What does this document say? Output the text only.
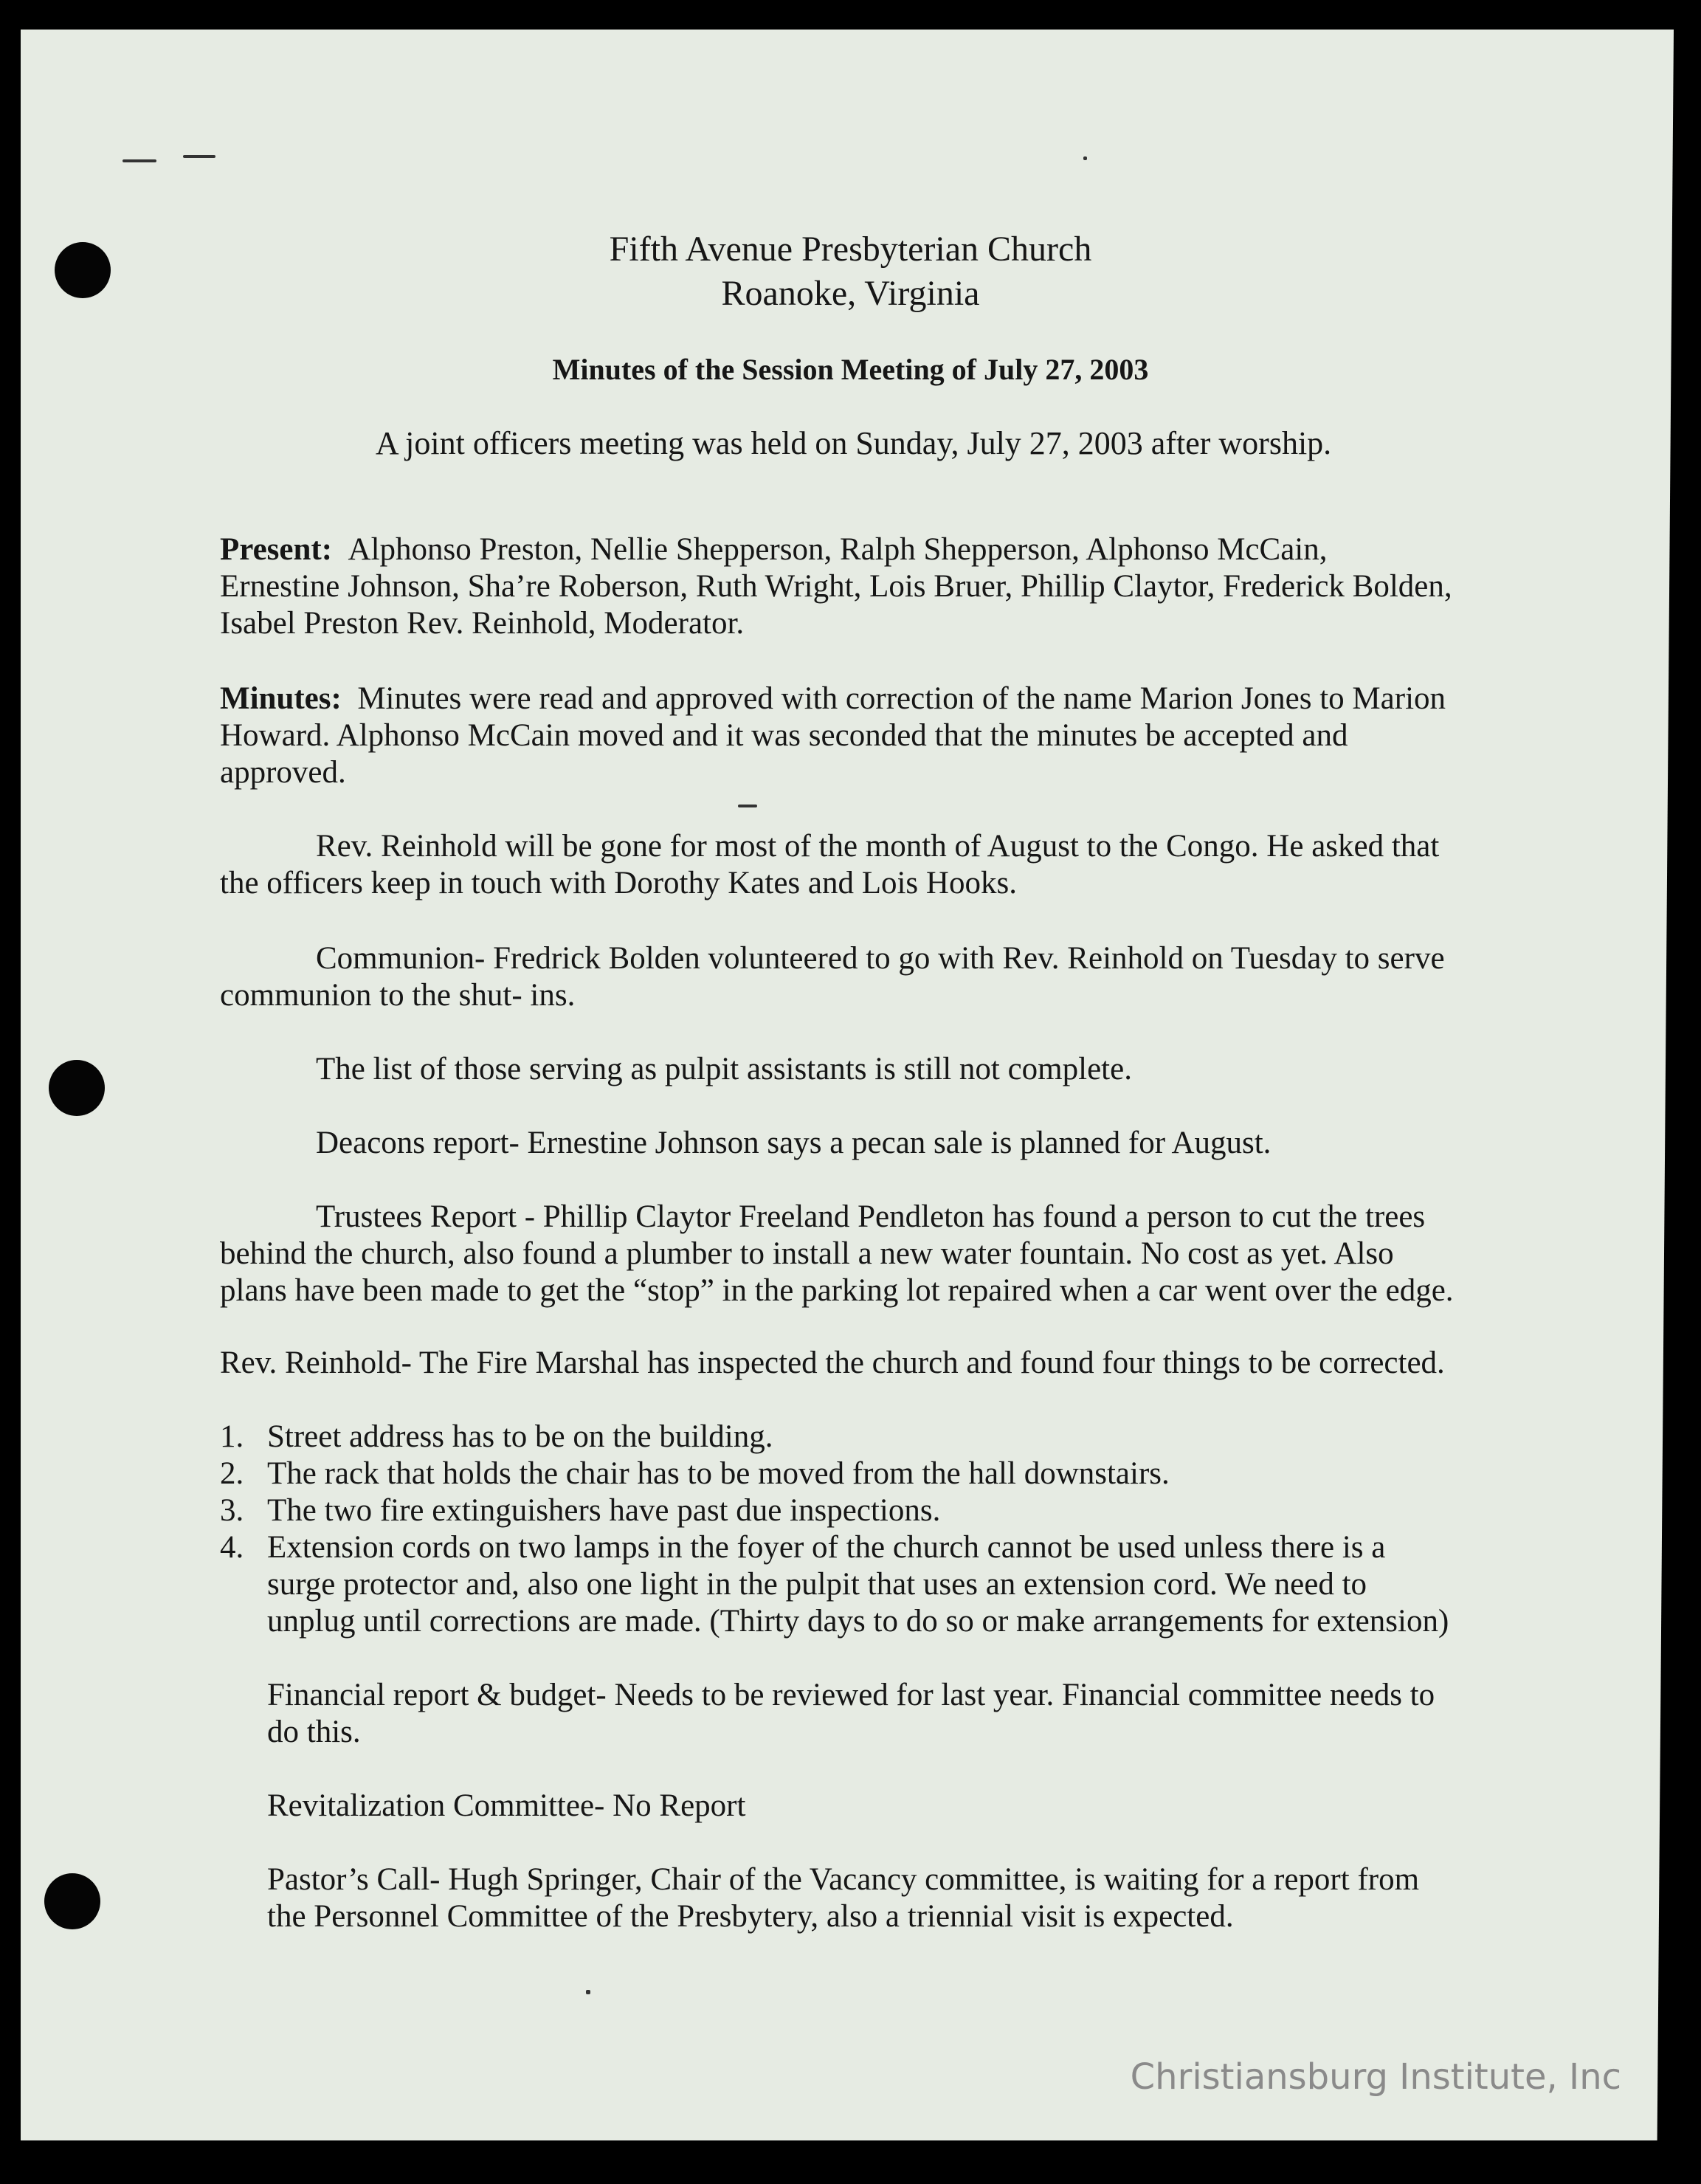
Fifth Avenue Presbyterian Church
Roanoke, Virginia
Minutes of the Session Meeting of July 27, 2003
A joint officers meeting was held on Sunday, July 27, 2003 after worship.
Present: Alphonso Preston, Nellie Shepperson, Ralph Shepperson, Alphonso McCain,
Ernestine Johnson, Sha’re Roberson, Ruth Wright, Lois Bruer, Phillip Claytor, Frederick Bolden,
Isabel Preston Rev. Reinhold, Moderator.
Minutes: Minutes were read and approved with correction of the name Marion Jones to Marion
Howard. Alphonso McCain moved and it was seconded that the minutes be accepted and
approved.
Rev. Reinhold will be gone for most of the month of August to the Congo. He asked that
the officers keep in touch with Dorothy Kates and Lois Hooks.
Communion- Fredrick Bolden volunteered to go with Rev. Reinhold on Tuesday to serve
communion to the shut- ins.
The list of those serving as pulpit assistants is still not complete.
Deacons report- Ernestine Johnson says a pecan sale is planned for August.
Trustees Report - Phillip Claytor Freeland Pendleton has found a person to cut the trees
behind the church, also found a plumber to install a new water fountain. No cost as yet. Also
plans have been made to get the “stop” in the parking lot repaired when a car went over the edge.
Rev. Reinhold- The Fire Marshal has inspected the church and found four things to be corrected.
1. Street address has to be on the building.
2. The rack that holds the chair has to be moved from the hall downstairs.
3. The two fire extinguishers have past due inspections.
4. Extension cords on two lamps in the foyer of the church cannot be used unless there is a
surge protector and, also one light in the pulpit that uses an extension cord. We need to
unplug until corrections are made. (Thirty days to do so or make arrangements for extension)
Financial report & budget- Needs to be reviewed for last year. Financial committee needs to
do this.
Revitalization Committee- No Report
Pastor’s Call- Hugh Springer, Chair of the Vacancy committee, is waiting for a report from
the Personnel Committee of the Presbytery, also a triennial visit is expected.
Christiansburg Institute, Inc
